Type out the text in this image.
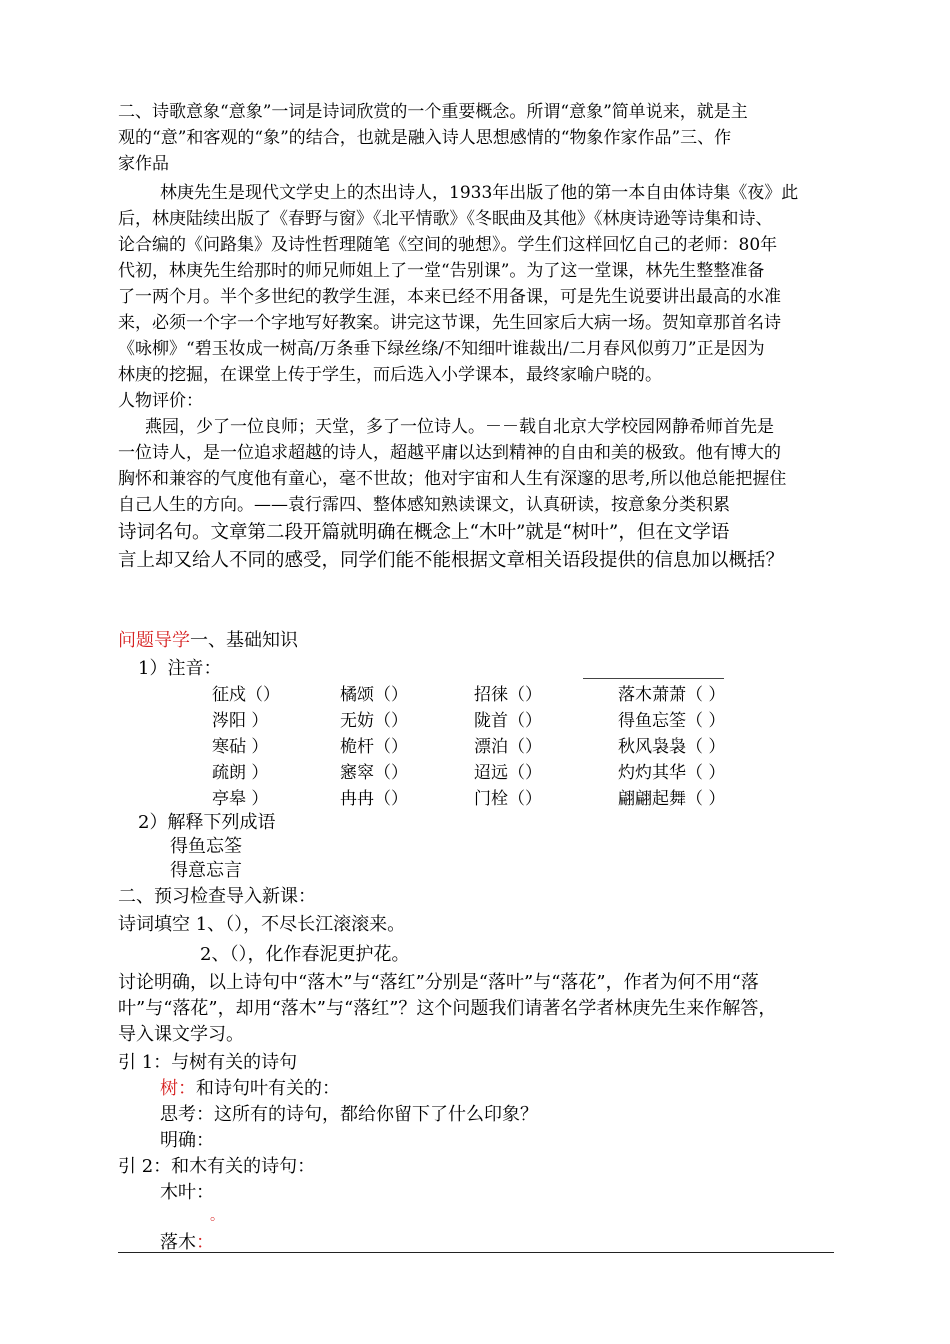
二、诗歌意象“意象”一词是诗词欣赏的一个重要概念。所谓“意象”简单说来，就是主
观的“意”和客观的“象”的结合，也就是融入诗人思想感情的“物象作家作品”三、作
家作品
林庚先生是现代文学史上的杰出诗人，1933年出版了他的第一本自由体诗集《夜》此
后，林庚陆续出版了《春野与窗》《北平情歌》《冬眠曲及其他》《林庚诗逊等诗集和诗、
论合编的《问路集》及诗性哲理随笔《空间的驰想》。学生们这样回忆自己的老师：80年
代初，林庚先生给那时的师兄师姐上了一堂“告别课”。为了这一堂课，林先生整整准备
了一两个月。半个多世纪的教学生涯，本来已经不用备课，可是先生说要讲出最高的水准
来，必须一个字一个字地写好教案。讲完这节课，先生回家后大病一场。贺知章那首名诗
《咏柳》“碧玉妆成一树高/万条垂下绿丝绦/不知细叶谁裁出/二月春风似剪刀”正是因为
林庚的挖掘，在课堂上传于学生，而后选入小学课本，最终家喻户晓的。
人物评价：
燕园，少了一位良师；天堂，多了一位诗人。－－载自北京大学校园网静希师首先是
一位诗人，是一位追求超越的诗人，超越平庸以达到精神的自由和美的极致。他有博大的
胸怀和兼容的气度他有童心，毫不世故；他对宇宙和人生有深邃的思考,所以他总能把握住
自己人生的方向。——袁行霈四、整体感知熟读课文，认真研读，按意象分类积累
诗词名句。文章第二段开篇就明确在概念上“木叶”就是“树叶”，但在文学语
言上却又给人不同的感受，同学们能不能根据文章相关语段提供的信息加以概括？
问题导学一、基础知识
1）注音：
征戍（）	橘颂（）	招徕（）	落木萧萧（ ）
涔阳 ）	无妨（）	陇首（）	得鱼忘筌（ ）
寒砧 ）	桅杆（）	漂泊（）	秋风袅袅（ ）
疏朗 ）	窸窣（）	迢远（）	灼灼其华（ ）
亭皋 ）	冉冉（）	门栓（）	翩翩起舞（ ）
2）解释下列成语
得鱼忘筌
得意忘言
二、预习检查导入新课：
诗词填空 1、（），不尽长江滚滚来。
2、（），化作春泥更护花。
讨论明确，以上诗句中“落木”与“落红”分别是“落叶”与“落花”，作者为何不用“落
叶”与“落花”，却用“落木”与“落红”？这个问题我们请著名学者林庚先生来作解答，
导入课文学习。
引 1：与树有关的诗句
树：和诗句叶有关的：
思考：这所有的诗句，都给你留下了什么印象？
明确：
引 2：和木有关的诗句：
木叶：
。
落木：
